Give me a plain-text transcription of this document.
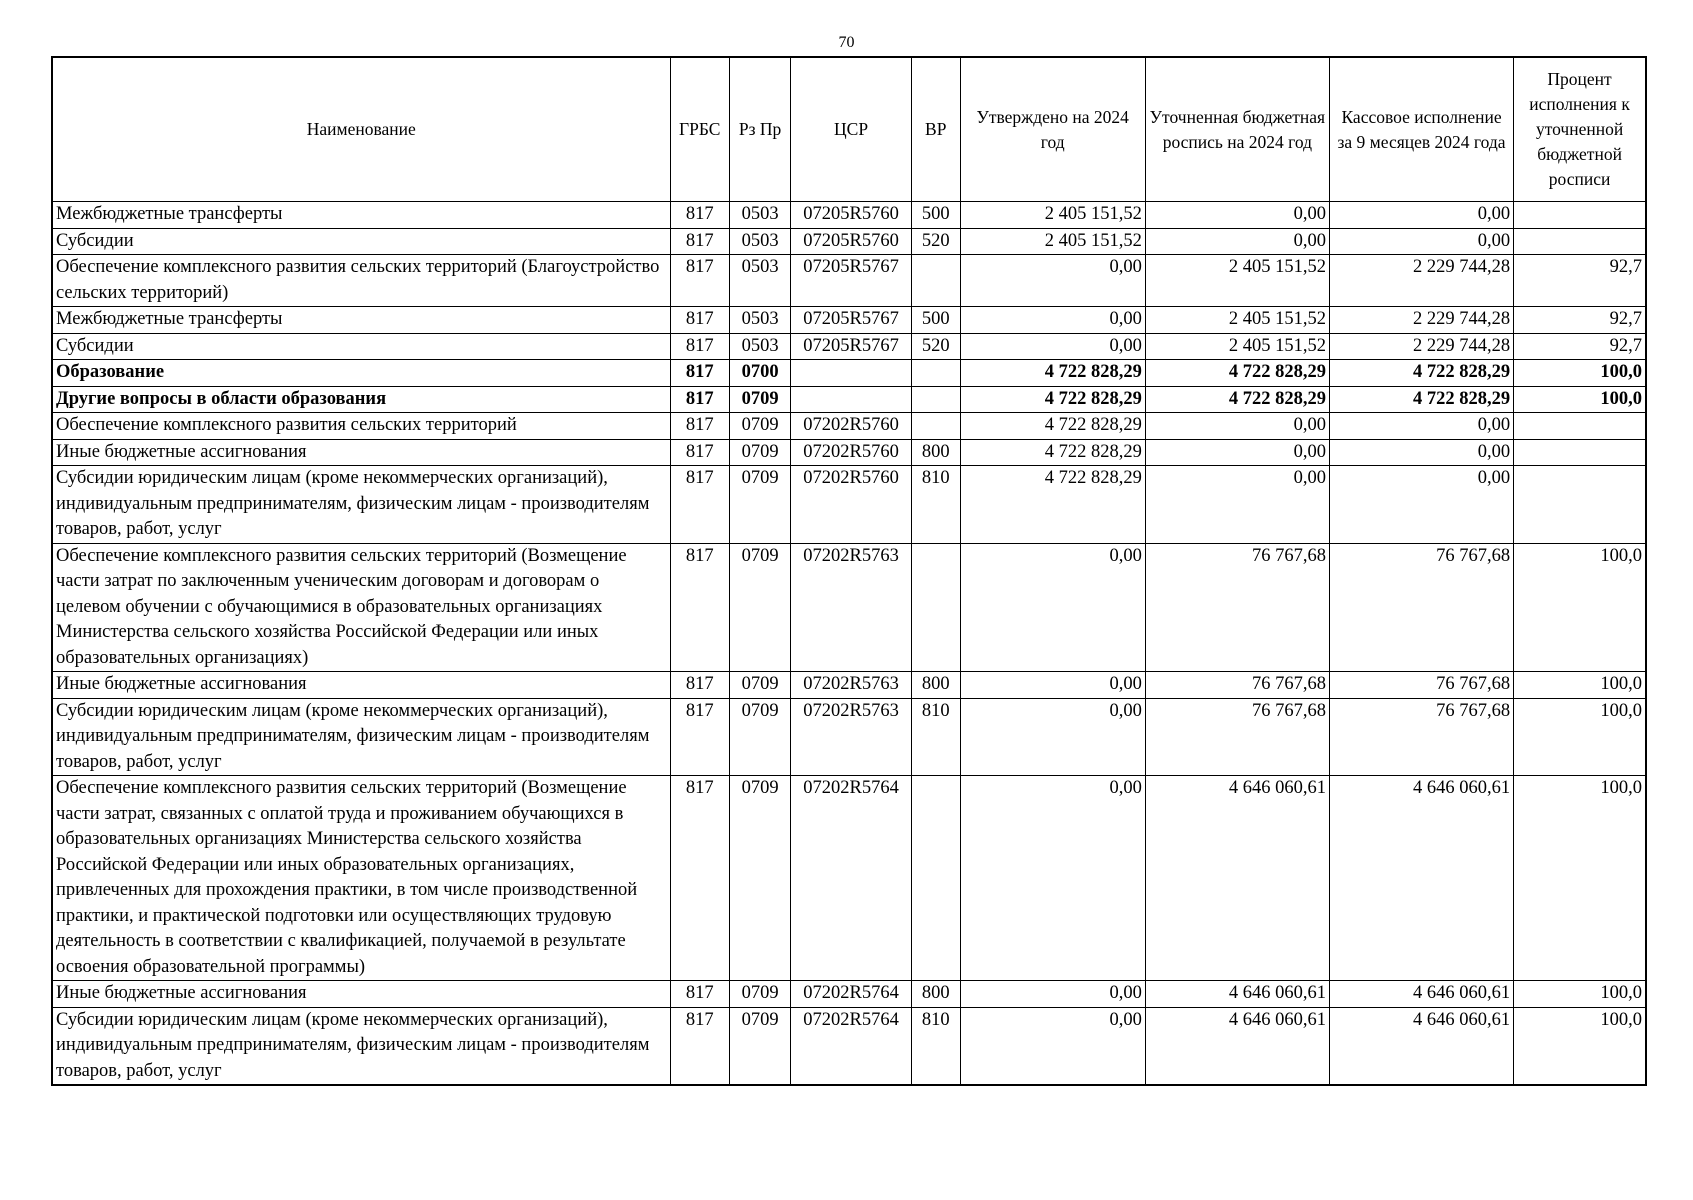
70
Наименование	ГРБС	Рз Пр	ЦСР	ВР	Утверждено на 2024 год	Уточненная бюджетная роспись на 2024 год	Кассовое исполнение за 9 месяцев 2024 года	Процент исполнения к уточненной бюджетной росписи
Межбюджетные трансферты	817	0503	07205R5760	500	2 405 151,52	0,00	0,00	
Субсидии	817	0503	07205R5760	520	2 405 151,52	0,00	0,00	
Обеспечение комплексного развития сельских территорий (Благоустройство сельских территорий)	817	0503	07205R5767		0,00	2 405 151,52	2 229 744,28	92,7
Межбюджетные трансферты	817	0503	07205R5767	500	0,00	2 405 151,52	2 229 744,28	92,7
Субсидии	817	0503	07205R5767	520	0,00	2 405 151,52	2 229 744,28	92,7
Образование	817	0700			4 722 828,29	4 722 828,29	4 722 828,29	100,0
Другие вопросы в области образования	817	0709			4 722 828,29	4 722 828,29	4 722 828,29	100,0
Обеспечение комплексного развития сельских территорий	817	0709	07202R5760		4 722 828,29	0,00	0,00	
Иные бюджетные ассигнования	817	0709	07202R5760	800	4 722 828,29	0,00	0,00	
Субсидии юридическим лицам (кроме некоммерческих организаций), индивидуальным предпринимателям, физическим лицам - производителям товаров, работ, услуг	817	0709	07202R5760	810	4 722 828,29	0,00	0,00	
Обеспечение комплексного развития сельских территорий (Возмещение части затрат по заключенным ученическим договорам и договорам о целевом обучении с обучающимися в образовательных организациях Министерства сельского хозяйства Российской Федерации или иных образовательных организациях)	817	0709	07202R5763		0,00	76 767,68	76 767,68	100,0
Иные бюджетные ассигнования	817	0709	07202R5763	800	0,00	76 767,68	76 767,68	100,0
Субсидии юридическим лицам (кроме некоммерческих организаций), индивидуальным предпринимателям, физическим лицам - производителям товаров, работ, услуг	817	0709	07202R5763	810	0,00	76 767,68	76 767,68	100,0
Обеспечение комплексного развития сельских территорий (Возмещение части затрат, связанных с оплатой труда и проживанием обучающихся в образовательных организациях Министерства сельского хозяйства Российской Федерации или иных образовательных организациях, привлеченных для прохождения практики, в том числе производственной практики, и практической подготовки или осуществляющих трудовую деятельность в соответствии с квалификацией, получаемой в результате освоения образовательной программы)	817	0709	07202R5764		0,00	4 646 060,61	4 646 060,61	100,0
Иные бюджетные ассигнования	817	0709	07202R5764	800	0,00	4 646 060,61	4 646 060,61	100,0
Субсидии юридическим лицам (кроме некоммерческих организаций), индивидуальным предпринимателям, физическим лицам - производителям товаров, работ, услуг	817	0709	07202R5764	810	0,00	4 646 060,61	4 646 060,61	100,0
